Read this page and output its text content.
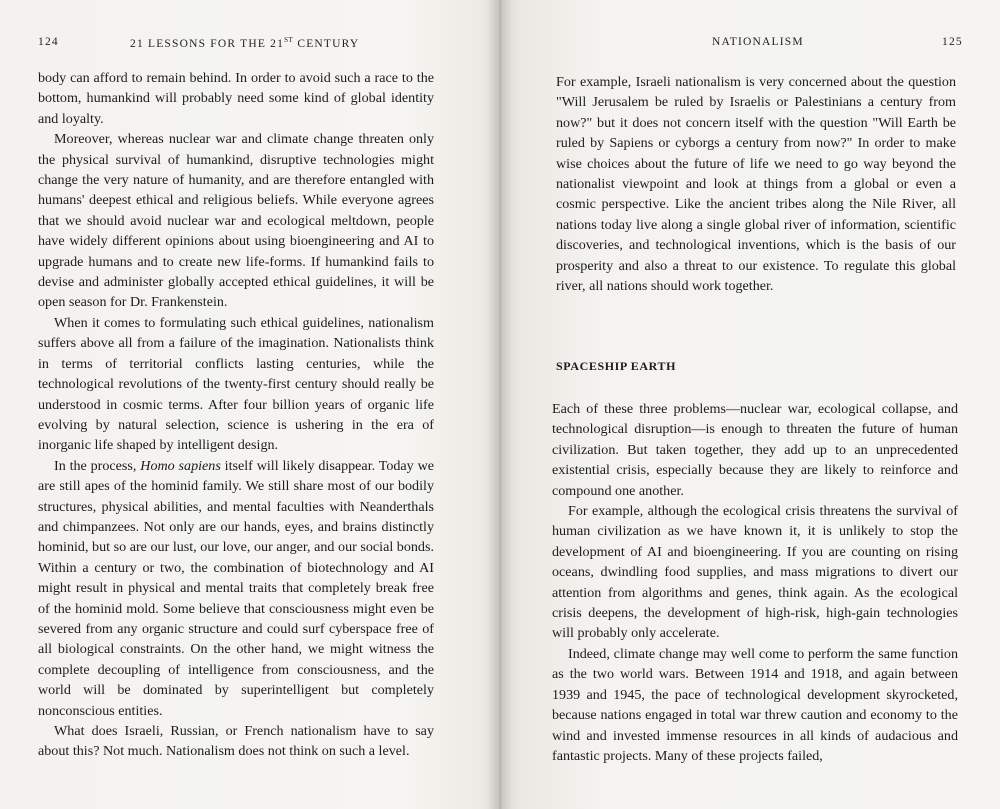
124	21 LESSONS FOR THE 21ST CENTURY

body can afford to remain behind. In order to avoid such a race to the bottom, humankind will probably need some kind of global identity and loyalty.

Moreover, whereas nuclear war and climate change threaten only the physical survival of humankind, disruptive technologies might change the very nature of humanity, and are therefore entangled with humans' deepest ethical and religious beliefs. While everyone agrees that we should avoid nuclear war and ecological meltdown, people have widely different opinions about using bioengineering and AI to upgrade humans and to create new life-forms. If humankind fails to devise and administer globally accepted ethical guidelines, it will be open season for Dr. Frankenstein.

When it comes to formulating such ethical guidelines, nationalism suffers above all from a failure of the imagination. Nationalists think in terms of territorial conflicts lasting centuries, while the technological revolutions of the twenty-first century should really be understood in cosmic terms. After four billion years of organic life evolving by natural selection, science is ushering in the era of inorganic life shaped by intelligent design.

In the process, Homo sapiens itself will likely disappear. Today we are still apes of the hominid family. We still share most of our bodily structures, physical abilities, and mental faculties with Neanderthals and chimpanzees. Not only are our hands, eyes, and brains distinctly hominid, but so are our lust, our love, our anger, and our social bonds. Within a century or two, the combination of biotechnology and AI might result in physical and mental traits that completely break free of the hominid mold. Some believe that consciousness might even be severed from any organic structure and could surf cyberspace free of all biological constraints. On the other hand, we might witness the complete decoupling of intelligence from consciousness, and the world will be dominated by superintelligent but completely nonconscious entities.

What does Israeli, Russian, or French nationalism have to say about this? Not much. Nationalism does not think on such a level.

NATIONALISM	125

For example, Israeli nationalism is very concerned about the question "Will Jerusalem be ruled by Israelis or Palestinians a century from now?" but it does not concern itself with the question "Will Earth be ruled by Sapiens or cyborgs a century from now?" In order to make wise choices about the future of life we need to go way beyond the nationalist viewpoint and look at things from a global or even a cosmic perspective. Like the ancient tribes along the Nile River, all nations today live along a single global river of information, scientific discoveries, and technological inventions, which is the basis of our prosperity and also a threat to our existence. To regulate this global river, all nations should work together.

SPACESHIP EARTH

Each of these three problems—nuclear war, ecological collapse, and technological disruption—is enough to threaten the future of human civilization. But taken together, they add up to an unprecedented existential crisis, especially because they are likely to reinforce and compound one another.

For example, although the ecological crisis threatens the survival of human civilization as we have known it, it is unlikely to stop the development of AI and bioengineering. If you are counting on rising oceans, dwindling food supplies, and mass migrations to divert our attention from algorithms and genes, think again. As the ecological crisis deepens, the development of high-risk, high-gain technologies will probably only accelerate.

Indeed, climate change may well come to perform the same function as the two world wars. Between 1914 and 1918, and again between 1939 and 1945, the pace of technological development skyrocketed, because nations engaged in total war threw caution and economy to the wind and invested immense resources in all kinds of audacious and fantastic projects. Many of these projects failed,
